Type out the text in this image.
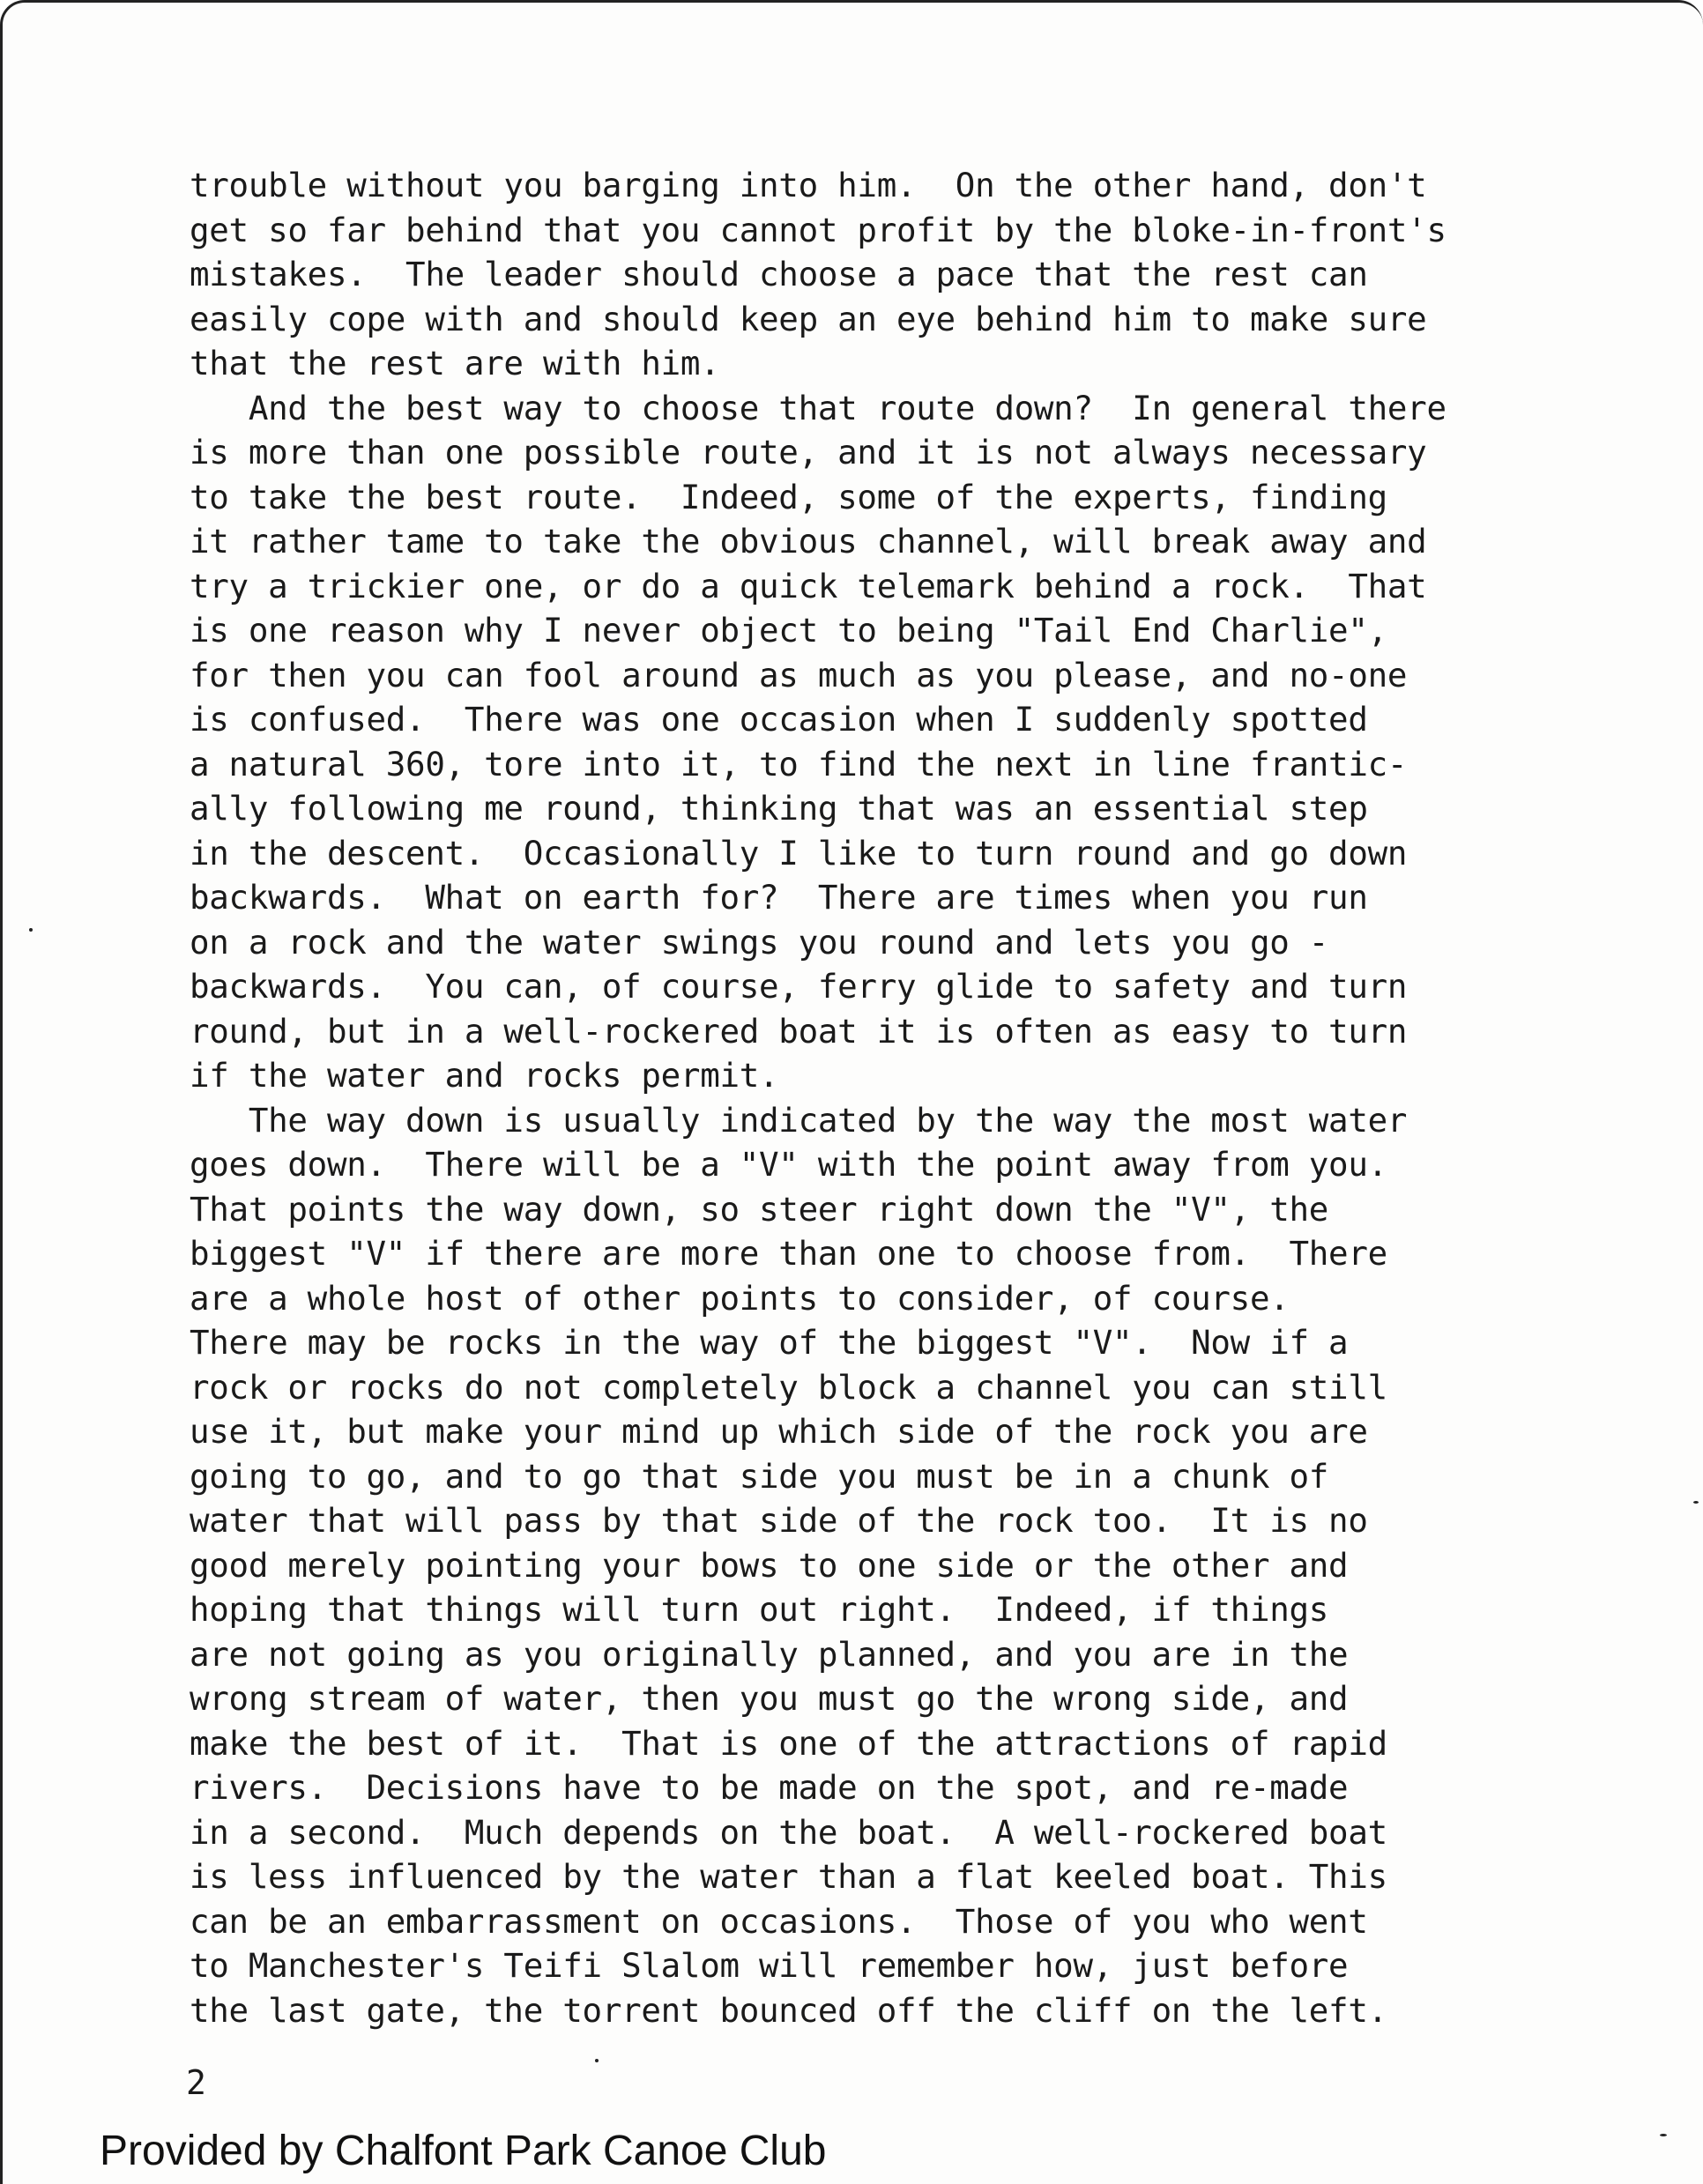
trouble without you barging into him.  On the other hand, don't
get so far behind that you cannot profit by the bloke-in-front's
mistakes.  The leader should choose a pace that the rest can
easily cope with and should keep an eye behind him to make sure
that the rest are with him.
And the best way to choose that route down?  In general there
is more than one possible route, and it is not always necessary
to take the best route.  Indeed, some of the experts, finding
it rather tame to take the obvious channel, will break away and
try a trickier one, or do a quick telemark behind a rock.  That
is one reason why I never object to being "Tail End Charlie",
for then you can fool around as much as you please, and no-one
is confused.  There was one occasion when I suddenly spotted
a natural 360, tore into it, to find the next in line frantic-
ally following me round, thinking that was an essential step
in the descent.  Occasionally I like to turn round and go down
backwards.  What on earth for?  There are times when you run
on a rock and the water swings you round and lets you go -
backwards.  You can, of course, ferry glide to safety and turn
round, but in a well-rockered boat it is often as easy to turn
if the water and rocks permit.
The way down is usually indicated by the way the most water
goes down.  There will be a "V" with the point away from you.
That points the way down, so steer right down the "V", the
biggest "V" if there are more than one to choose from.  There
are a whole host of other points to consider, of course.
There may be rocks in the way of the biggest "V".  Now if a
rock or rocks do not completely block a channel you can still
use it, but make your mind up which side of the rock you are
going to go, and to go that side you must be in a chunk of
water that will pass by that side of the rock too.  It is no
good merely pointing your bows to one side or the other and
hoping that things will turn out right.  Indeed, if things
are not going as you originally planned, and you are in the
wrong stream of water, then you must go the wrong side, and
make the best of it.  That is one of the attractions of rapid
rivers.  Decisions have to be made on the spot, and re-made
in a second.  Much depends on the boat.  A well-rockered boat
is less influenced by the water than a flat keeled boat. This
can be an embarrassment on occasions.  Those of you who went
to Manchester's Teifi Slalom will remember how, just before
the last gate, the torrent bounced off the cliff on the left.
2
Provided by Chalfont Park Canoe Club
